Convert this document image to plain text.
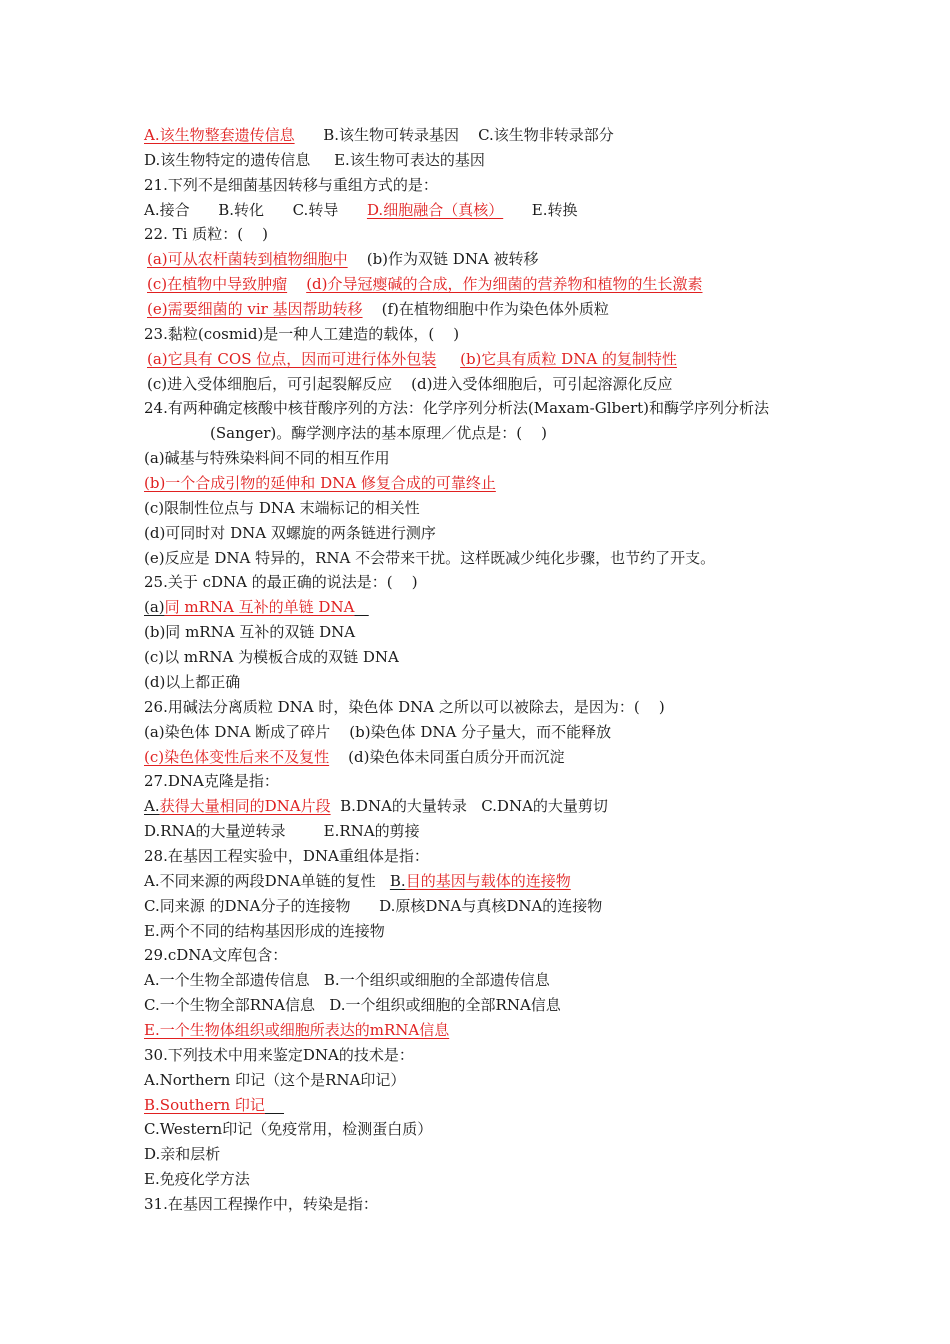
A.该生物整套遗传信息      B.该生物可转录基因    C.该生物非转录部分
D.该生物特定的遗传信息     E.该生物可表达的基因
21.下列不是细菌基因转移与重组方式的是：
A.接合      B.转化      C.转导      D.细胞融合（真核）      E.转换
22. Ti 质粒：(    )
(a)可从农杆菌转到植物细胞中    (b)作为双链 DNA 被转移
(c)在植物中导致肿瘤 (d)介导冠瘿碱的合成，作为细菌的营养物和植物的生长激素
(e)需要细菌的 vir 基因帮助转移    (f)在植物细胞中作为染色体外质粒
23.黏粒(cosmid)是一种人工建造的载体，(    )
(a)它具有 COS 位点，因而可进行体外包装 (b)它具有质粒 DNA 的复制特性
(c)进入受体细胞后，可引起裂解反应    (d)进入受体细胞后，可引起溶源化反应
24.有两种确定核酸中核苷酸序列的方法：化学序列分析法(Maxam-Glbert)和酶学序列分析法
(Sanger)。酶学测序法的基本原理／优点是：(    )
(a)碱基与特殊染料间不同的相互作用
(b)一个合成引物的延伸和 DNA 修复合成的可靠终止
(c)限制性位点与 DNA 末端标记的相关性
(d)可同时对 DNA 双螺旋的两条链进行测序
(e)反应是 DNA 特异的，RNA 不会带来干扰。这样既减少纯化步骤，也节约了开支。
25.关于 cDNA 的最正确的说法是：(    )
(a)同 mRNA 互补的单链 DNA
(b)同 mRNA 互补的双链 DNA
(c)以 mRNA 为模板合成的双链 DNA
(d)以上都正确
26.用碱法分离质粒 DNA 时，染色体 DNA 之所以可以被除去，是因为：(    )
(a)染色体 DNA 断成了碎片    (b)染色体 DNA 分子量大，而不能释放
(c)染色体变性后来不及复性    (d)染色体未同蛋白质分开而沉淀
27.DNA克隆是指：
A.获得大量相同的DNA片段  B.DNA的大量转录   C.DNA的大量剪切
D.RNA的大量逆转录        E.RNA的剪接
28.在基因工程实验中，DNA重组体是指：
A.不同来源的两段DNA单链的复性   B.目的基因与载体的连接物
C.同来源 的DNA分子的连接物      D.原核DNA与真核DNA的连接物
E.两个不同的结构基因形成的连接物
29.cDNA文库包含：
A.一个生物全部遗传信息   B.一个组织或细胞的全部遗传信息
C.一个生物全部RNA信息   D.一个组织或细胞的全部RNA信息
E.一个生物体组织或细胞所表达的mRNA信息
30.下列技术中用来鉴定DNA的技术是：
A.Northern 印记（这个是RNA印记）
B.Southern 印记
C.Western印记（免疫常用，检测蛋白质）
D.亲和层析
E.免疫化学方法
31.在基因工程操作中，转染是指：
